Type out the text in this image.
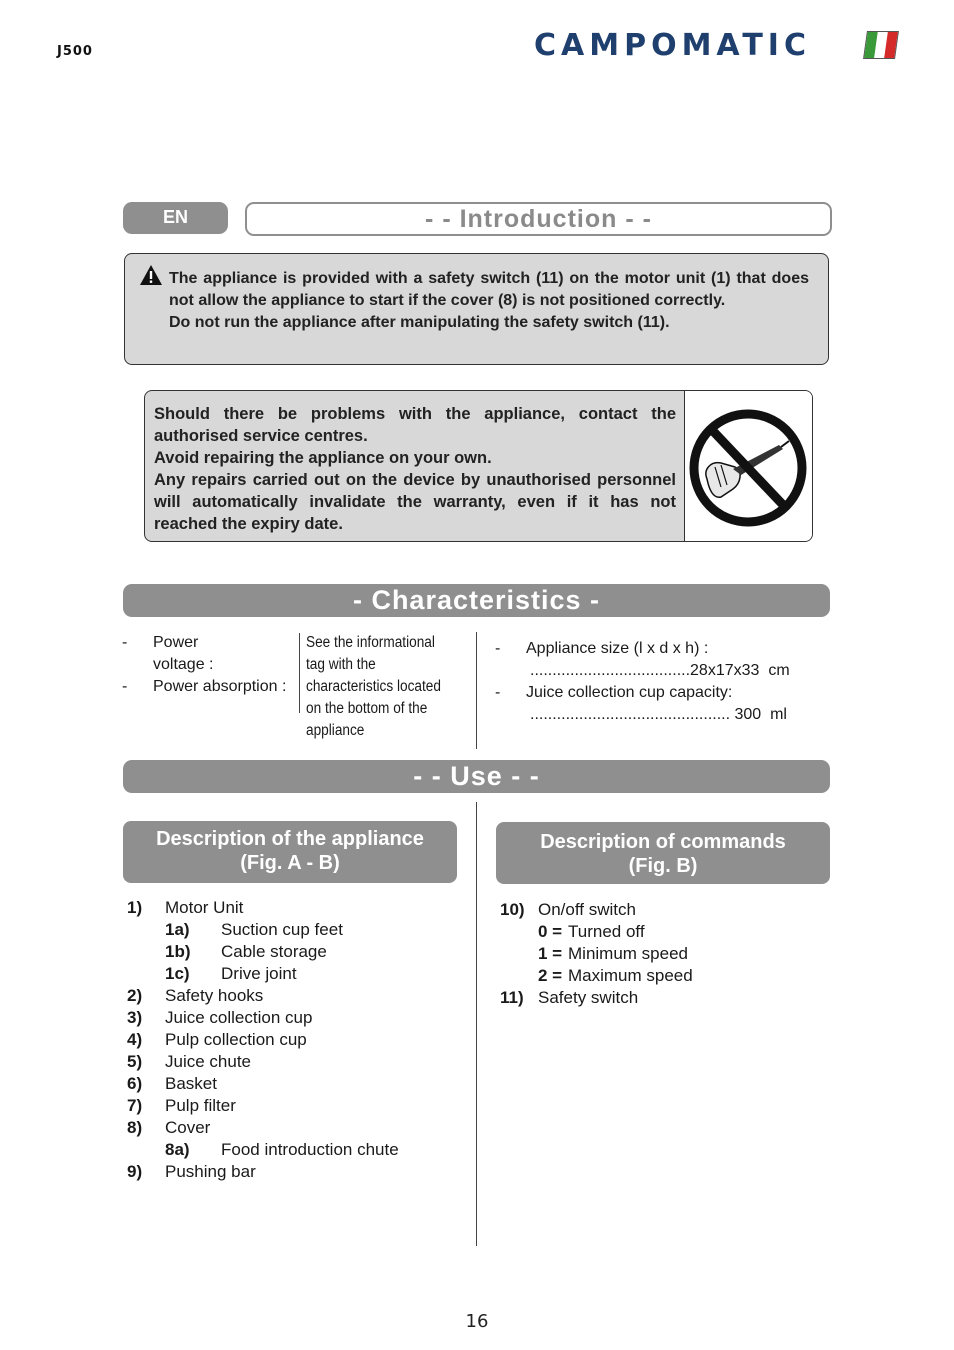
J500	CAMPOMATIC
EN	- - Introduction - -

The appliance is provided with a safety switch (11) on the motor unit (1) that does not allow the appliance to start if the cover (8) is not positioned correctly.

Do not run the appliance after manipulating the safety switch (11).

Should there be problems with the appliance, contact the authorised service centres.

Avoid repairing the appliance on your own.

Any repairs carried out on the device by unauthorised personnel will automatically invalidate the warranty, even if it has not reached the expiry date.

- Characteristics -
- Power voltage :
- Power absorption :
See the informational tag with the characteristics located on the bottom of the appliance
- Appliance size (l x d x h) :
....................................28x17x33 cm
- Juice collection cup capacity:
............................................. 300 ml
- - Use - -
Description of the appliance
(Fig. A - B)
Description of commands
(Fig. B)
1) Motor Unit
1a) Suction cup feet
1b) Cable storage
1c) Drive joint
2) Safety hooks
3) Juice collection cup
4) Pulp collection cup
5) Juice chute
6) Basket
7) Pulp filter
8) Cover
8a) Food introduction chute
9) Pushing bar
10) On/off switch
0 = Turned off
1 = Minimum speed
2 = Maximum speed
11) Safety switch
16
